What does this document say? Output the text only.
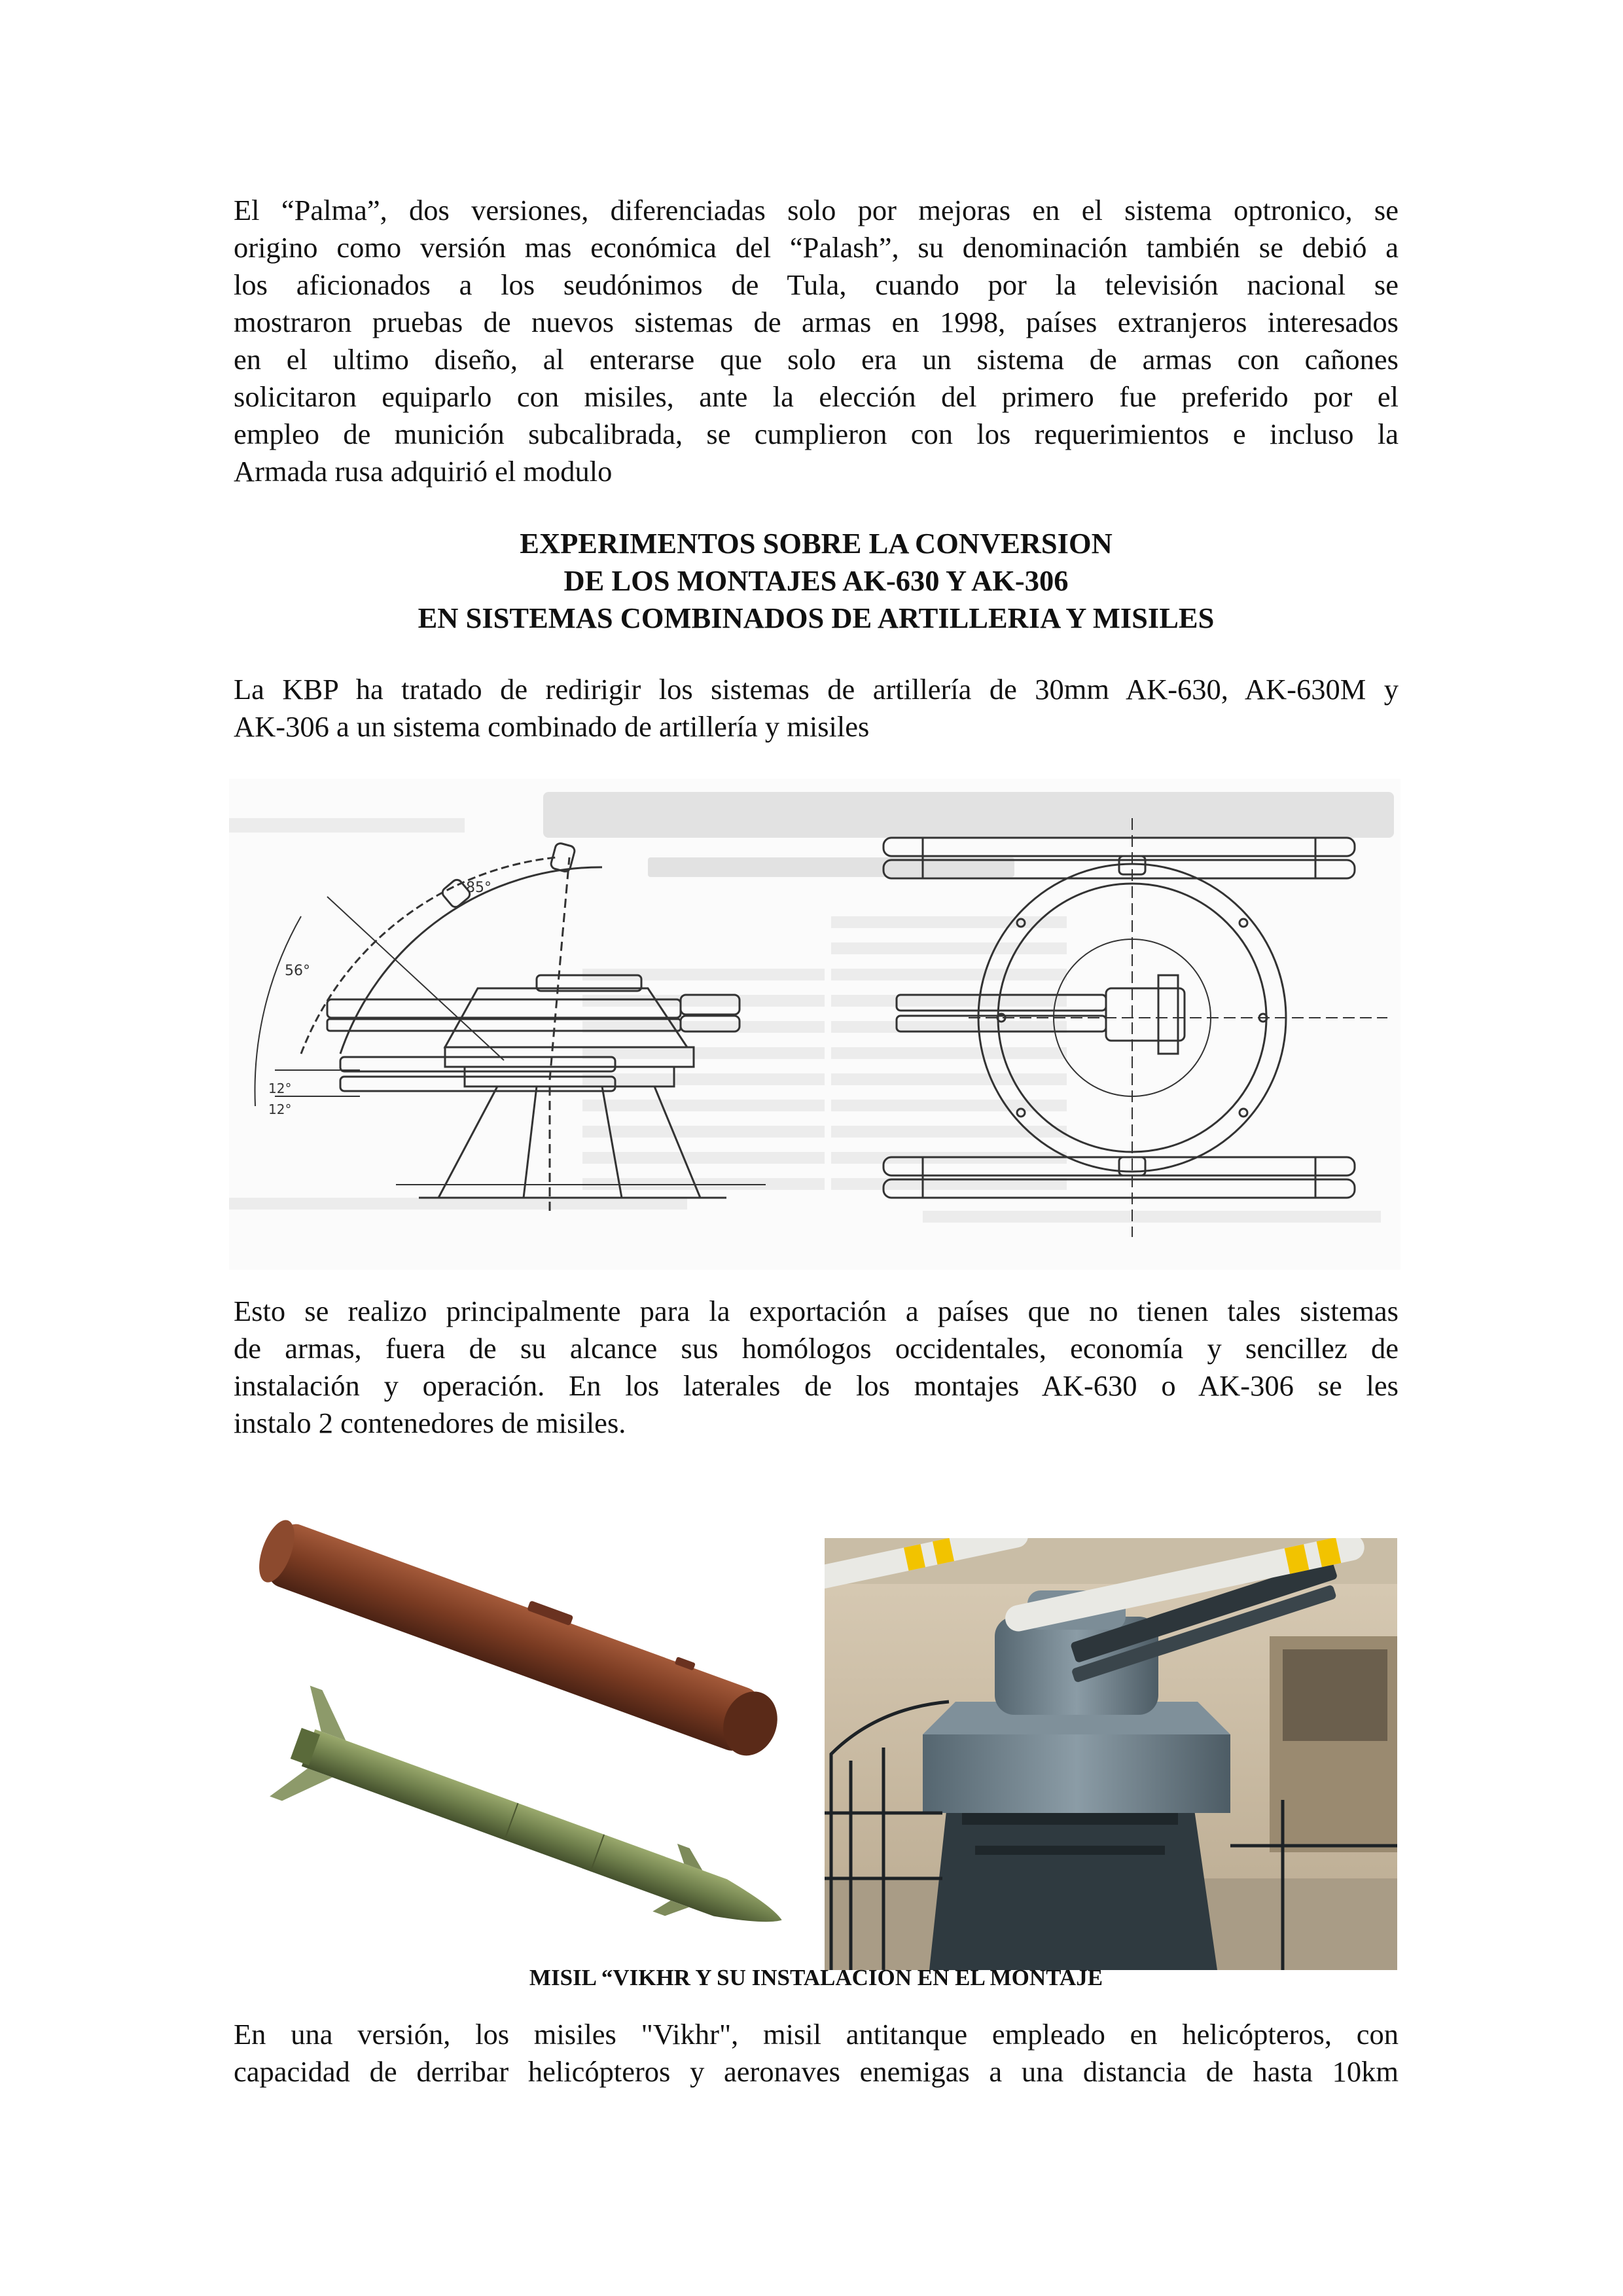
El “Palma”, dos versiones, diferenciadas solo por mejoras en el sistema optronico, se
origino como versión mas económica del “Palash”, su denominación también se debió a
los aficionados a los seudónimos de Tula, cuando por la televisión nacional se
mostraron pruebas de nuevos sistemas de armas en 1998, países extranjeros interesados
en el ultimo diseño, al enterarse que solo era un sistema de armas con cañones
solicitaron equiparlo con misiles, ante la elección del primero fue preferido por el
empleo de munición subcalibrada, se cumplieron con los requerimientos e incluso la
Armada rusa adquirió el modulo

EXPERIMENTOS SOBRE LA CONVERSION
DE LOS MONTAJES AK-630 Y AK-306
EN SISTEMAS COMBINADOS DE ARTILLERIA Y MISILES

La KBP ha tratado de redirigir los sistemas de artillería de 30mm AK-630, AK-630M y
AK-306 a un sistema combinado de artillería y misiles

85°
56°
12°
12°

Esto se realizo principalmente para la exportación a países que no tienen tales sistemas
de armas, fuera de su alcance sus homólogos occidentales, economía y sencillez de
instalación y operación. En los laterales de los montajes AK-630 o AK-306 se les
instalo 2 contenedores de misiles.

MISIL “VIKHR Y SU INSTALACION EN EL MONTAJE

En una versión, los misiles "Vikhr", misil antitanque empleado en helicópteros, con
capacidad de derribar helicópteros y aeronaves enemigas a una distancia de hasta 10km
